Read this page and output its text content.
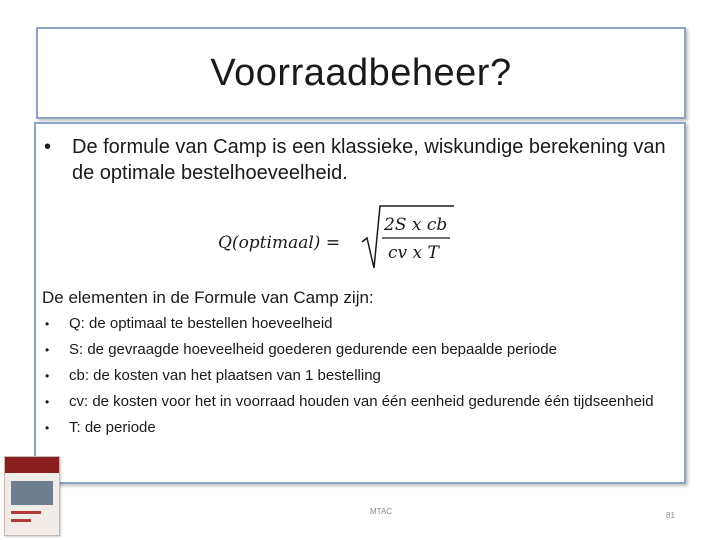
Voorraadbeheer?
•	De formule van Camp is een klassieke, wiskundige berekening van de optimale bestelhoeveelheid.
Q(optimaal) =
2S x cb
cv x T
De elementen in de Formule van Camp zijn:
• Q: de optimaal te bestellen hoeveelheid
• S: de gevraagde hoeveelheid goederen gedurende een bepaalde periode
• cb: de kosten van het plaatsen van 1 bestelling
• cv: de kosten voor het in voorraad houden van één eenheid gedurende één tijdseenheid
• T: de periode
MTAC	81
